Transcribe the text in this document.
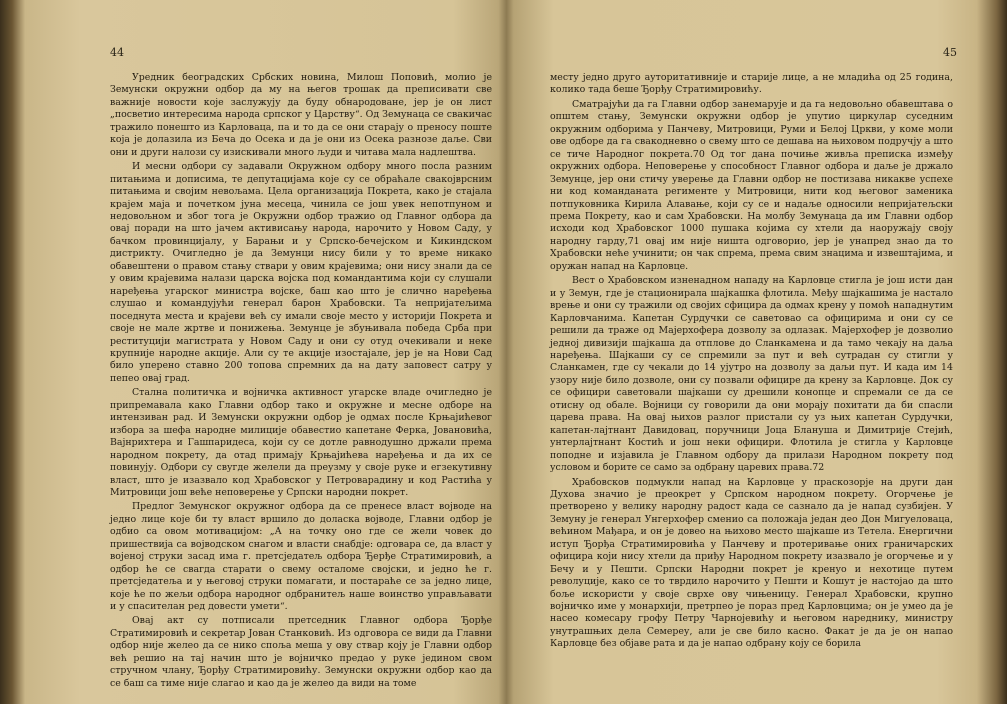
44

Уредник београдских Србских новина, Милош Поповић, молио је Земунски окружни одбор да му на његов трошак да преписивати све важније новости које заслужују да буду обнародоване, јер је он лист „посветио интересима народа српског у Царству“. Од Земунаца се свакичас тражило понешто из Карловаца, па и то да се они старају о преносу поште која је долазила из Беча до Осека и да је они из Осека разнозе даље. Сви они и други налози су изискивали много људи и читава мала надлештва.

И месни одбори су задавали Окружном одбору много посла разним питањима и дописима, те депутацијама које су се обраћале свакојврсним питањима и својим невољама. Цела организација Покрета, како је стајала крајем маја и почетком јуна месеца, чинила се још увек непотпуном и недовољном и због тога је Окружни одбор тражио од Главног одбора да овај поради на што јачем активисању народа, нарочито у Новом Саду, у бачком провинцијалу, у Барањи и у Српско-бечејском и Кикиндском дистрикту. Очигледно је да Земунци нису били у то време никако обавештени о правом стању ствари у овим крајевима; они нису знали да се у овим крајевима налази царска војска под командантима који су слушали наређења угарског министра војске, баш као што је слично наређења слушао и командујући генерал барон Храбовски. Та непријатељима поседнута места и крајеви већ су имали своје место у историји Покрета и своје не мале жртве и понижења. Земунце је збуњивала победа Срба при реституцији магистрата у Новом Саду и они су отуд очекивали и неке крупније народне акције. Али су те акције изостајале, јер је на Нови Сад било уперено ставно 200 топова спремних да на дату заповест сатру у пепео овај град.

Стална политичка и војничка активност угарске владе очигледно је припремавала како Главни одбор тако и окружне и месне одборе на интензиван рад. И Земунски окружни одбор је одмах после Крњајићевог избора за шефа народне милиције обавестио капетане Феркa, Јовановића, Вајнрихтера и Гашпаридеса, који су се дотле равнодушно држали према народном покрету, да отад примају Крњајићева наређења и да их се повинују. Одбори су свугде желели да преузму у своје руке и егзекутивну власт, што је изазвало код Храбовског у Петроварадину и код Растића у Митровици још веће неповерење у Српски народни покрет.

Предлог Земунског окружног одбора да се пренесе власт војводе на једно лице које би ту власт вршило до доласка војводе, Главни одбор је одбио са овом мотивацијом: „А на точку оно где се жели човек до пришествија са војводском снагом и власти снабдје: одговара се, да власт у војеној струки засад има г. претсједатељ одбора Ђерђе Стратимировић, а одбор ће се свагда старати о свему осталоме својски, и једно ће г. претсједатеља и у његовој струки помагати, и постараће се за једно лице, које ће по жељи одбора народног одбранитељ наше воинство управљавати и у спасителан ред довести умети“.

Овај акт су потписали претседник Главног одбора Ђорђе Стратимировић и секретар Јован Станковић. Из одговора се види да Главни одбор није желео да се нико споља меша у ову ствар коју је Главни одбор већ решио на тај начин што је војничко предао у руке једином свом стручном члану, Ђорђу Стратимировићу. Земунски окружни одбор као да се баш са тиме није слагао и као да је желео да види на томе

45

месту једно друго ауторитативније и старије лице, а не младића од 25 година, колико тада беше Ђорђу Стратимировићу.

Сматрајући да га Главни одбор занемарује и да га недовољно обавештава о општем стању, Земунски окружни одбор је упутио циркулар суседним окружним одборима у Панчеву, Митровици, Руми и Белој Цркви, у коме моли ове одборе да га свакодневно о свему што се дешава на њиховом подручју а што се тиче Народног покрета.70 Од тог дана почиње живља преписка између окружних одбора. Неповерење у способност Главног одбора и даље је држало Земунце, јер они стичу уверење да Главни одбор не постизава никакве успехе ни код команданата регименте у Митровици, нити код његовог заменика потпуковника Кирила Алавање, који су се и надаље односили непријатељски према Покрету, као и сам Храбовски. На молбу Земунаца да им Главни одбор исходи код Храбовског 1000 пушака којима су хтели да наоружају своју народну гарду,71 овај им није ништа одговорио, јер је унапред знао да то Храбовски неће учинити; он чак спрема, према свим знацима и извештајима, и оружан напад на Карловце.

Вест о Храбовском изненадном нападу на Карловце стигла је још исти дан и у Земун, где је стационирала шајкашка флотила. Међу шајкашима је настало врење и они су тражили од својих сфицира да одмах крену у помоћ нападнутим Карловчанима. Капетан Сурдучки се саветовао са официрима и они су се решили да траже од Мајерхофера дозволу за одлазак. Мајерхофер је дозволио једној дивизији шајкаша да отплове до Сланкамена и да тамо чекају на даља наређења. Шајкаши су се спремили за пут и већ сутрадан су стигли у Сланкамен, где су чекали до 14 ујутро на дозволу за даљи пут. И када им 14 узору није било дозволе, они су позвали официре да крену за Карловце. Док су се официри саветовали шајкаши су дрешили конопце и спремали се да се отисну од обале. Војници су говорили да они морају похитати да би спасли царева права. На овај њихов разлог пристали су уз њих капетан Сурдучки, капетан-лајтнант Давидовац, поручници Јоца Блануша и Димитрије Стејић, унтерлајтнант Костић и још неки официри. Флотила је стигла у Карловце поподне и изјавила је Главном одбору да прилази Народном покрету под условом и борите се само за одбрану царевих права.72

Храбовсков подмукли напад на Карловце у праскозорје на други дан Духова значио је преокрет у Српском народном покрету. Огорчење је претворено у велику народну радост када се сазнало да је напад сузбијен. У Земуну је генерал Унгерхофер сменио са положаја један део Дон Мигуеловаца, већином Мађара, и он је довео на њихово место шајкаше из Тетела. Енергични иступ Ђорђа Стратимировића у Панчеву и протеривање оних граничарских официра који нису хтели да приђу Народном покрету изазвало је огорчење и у Бечу и у Пешти. Српски Народни покрет је кренуо и нехотице путем револуције, како се то тврдило нарочито у Пешти и Кошут је настојао да што боље искористи у своје сврхе ову чињеницу. Генерал Храбовски, крупно војничко име у монархији, претрпео је пораз пред Карловцима; он је умео да је насео комесару грофу Петру Чарнојевићу и његовом нареднику, министру унутрашњих дела Семереу, али је све било касно. Факат је да је он напао Карловце без објаве рата и да је напао одбрану коју се борила
